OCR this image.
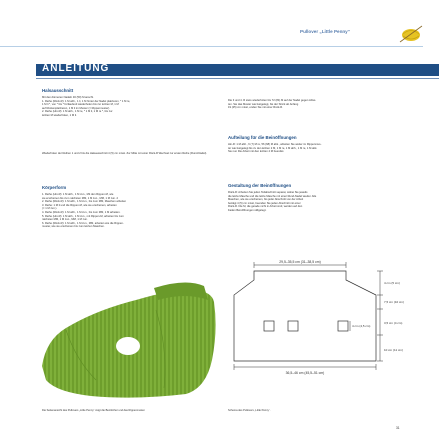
Pullover „Little Penny“
ANLEITUNG
Halsausschnitt
Mit den dünneren Nadeln 46 (50) M anschl.
1. Reihe (Rück-R): 1 M abh., 1 li, 1 M hinter der Nadel platzieren, * 1 M re,
1 M li *, von * bis * fortlaufend wiederholen bis zur letzten M, 1 M
auf Rückenplatzieren, 1 M li im Muster (= Rippenmuster).
2. Reihe (Hin-R): 1 M abh., 1 M re, * 1 M li, 1 M re *, bis zur
letzten M wiederholen, 1 M li.
Wiederholen der Reihen 1 und 2 bis die Halsausschnitt 4 (5) cm misst. Zur Mitte mit einer Rück-R Wechsel zur ersten Reihe (Rund-Nadel).
Körperform
1. Reihe (Hin-R): 1 M abh., 1 M zun., Mit den Rippen-M, wie
sie erscheinen bis zum nächsten MM, 1 M zun., MM, 1 M zun. 2
2. Reihe (Rück-R): 1 M abh., 1 M zun., bis zum MM, Maschen arbeiten
3. Reihe: 1 M li und die Rippen-M, wie sie erscheinen, arbeiten
(= 1 M zun.).
4. Reihe (Rück-R): 1 M abh., 1 M zun., bis zum MM, 1 M arbeiten.
5. Reihe (Hin-R): 1 M abh., 1 M zun., mit Rippen-M, arbeiten bis zum
nächsten MM, 1 M zun., MM, 1 M zun.
6. Reihe (Rück-R): 1 M abh., 1 M zun., MM, arbeiten wie die Rippen-
muster, wie sie erscheinen bis zum letzten Maschen.
Die Seitenansicht des Pullovers „Little Penny“ zeigt die Beinlöcher und das Rippenmuster.
Die 3 und 4. R stets wiederholen bis 72 (84) M auf der Nadel gegen Arbei-
ten. Sie das Muster wie festgelegt, bis der Strick ab Anfang
19 (25) cm misst, enden Sie mit einer Rück-R.
Aufteilung für die Beinöffnungen
Hin-R: 1 M abh., 6 (7) M re, 56 (68) M abk., arbeiten Sie weiter im Rippenmus-
ter wie festgelegt bis zu den letzten 2 M, 1 M re, 1 M abh., 1 M re, 1 M abk.
Sie nun Die Arbeit mit den letzten 4 M beendet.
Gestaltung der Beinöffnungen
Rück-R: Arbeiten Sie jeden Teilabschnitt separat, wobei Sie jeweils
die letzte Masche und die letzte Masche mit einer Rund-Nadel wieder. Alle
Maschen, wie sie erscheinen, bis jeder Abschnitt von der Arbeit
beträgt 4 (5) cm misst, beenden Sie jeden Abschnitt mit einer
Rück-R. Die M, die gerade nicht in Arbeit sind, werden auf den
Faden Beinöffnungen stillgelegt.
29,5–35,5 cm (31–38,5 cm)
4 cm (4,5 cm)
4 cm (5 cm)
7,5 cm (10 cm)
3,5 cm (4 cm)
10 cm (11 cm)
36,5–46 cm (45,5–51 cm)
Schema des Pullovers „Little Penny“.
31
